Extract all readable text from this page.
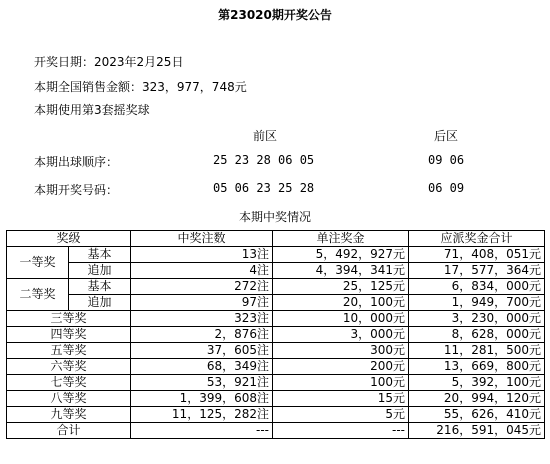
第23020期开奖公告
开奖日期：2023年2月25日
本期全国销售金额：323，977，748元
本期使用第3套摇奖球
前区	后区
本期出球顺序：	25 23 28 06 05	09 06
本期开奖号码：	05 06 23 25 28	06 09
本期中奖情况
奖级		中奖注数	单注奖金	应派奖金合计
一等奖	基本	13注	5，492，927元	71，408，051元
	追加	4注	4，394，341元	17，577，364元
二等奖	基本	272注	25，125元	6，834，000元
	追加	97注	20，100元	1，949，700元
三等奖		323注	10，000元	3，230，000元
四等奖		2，876注	3，000元	8，628，000元
五等奖		37，605注	300元	11，281，500元
六等奖		68，349注	200元	13，669，800元
七等奖		53，921注	100元	5，392，100元
八等奖		1，399，608注	15元	20，994，120元
九等奖		11，125，282注	5元	55，626，410元
合计		---	---	216，591，045元
